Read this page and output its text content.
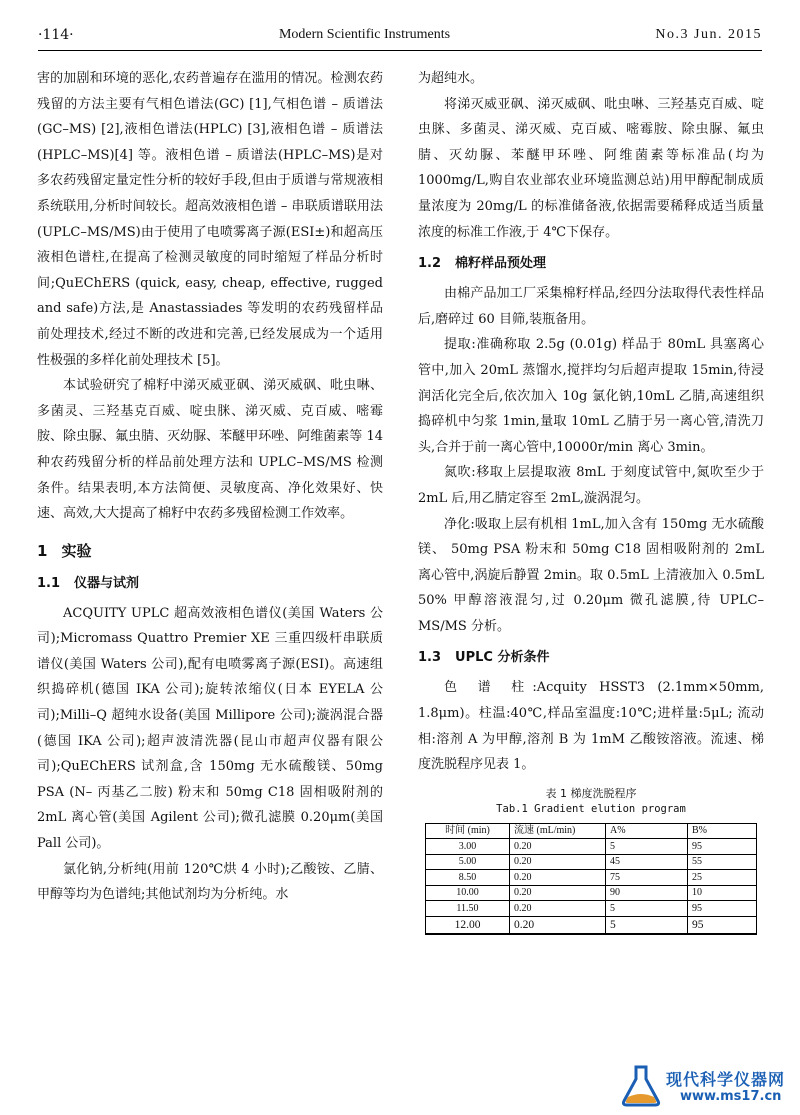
·114·	Modern Scientific Instruments	No.3 Jun. 2015

害的加剧和环境的恶化,农药普遍存在滥用的情况。检测农药残留的方法主要有气相色谱法(GC) [1],气相色谱 – 质谱法(GC–MS) [2],液相色谱法(HPLC) [3],液相色谱 – 质谱法(HPLC–MS)[4] 等。液相色谱 – 质谱法(HPLC–MS)是对多农药残留定量定性分析的较好手段,但由于质谱与常规液相系统联用,分析时间较长。超高效液相色谱 – 串联质谱联用法(UPLC–MS/MS)由于使用了电喷雾离子源(ESI±)和超高压液相色谱柱,在提高了检测灵敏度的同时缩短了样品分析时间;QuEChERS (quick, easy, cheap, effective, rugged and safe)方法,是 Anastassiades 等发明的农药残留样品前处理技术,经过不断的改进和完善,已经发展成为一个适用性极强的多样化前处理技术 [5]。

本试验研究了棉籽中涕灭威亚砜、涕灭威砜、吡虫啉、多菌灵、三羟基克百威、啶虫脒、涕灭威、克百威、嘧霉胺、除虫脲、氟虫腈、灭幼脲、苯醚甲环唑、阿维菌素等 14 种农药残留分析的样品前处理方法和 UPLC–MS/MS 检测条件。结果表明,本方法简便、灵敏度高、净化效果好、快速、高效,大大提高了棉籽中农药多残留检测工作效率。

1 实验
1.1 仪器与试剂

ACQUITY UPLC 超高效液相色谱仪(美国 Waters 公司);Micromass Quattro Premier XE 三重四级杆串联质谱仪(美国 Waters 公司),配有电喷雾离子源(ESI)。高速组织捣碎机(德国 IKA 公司);旋转浓缩仪(日本 EYELA 公司);Milli–Q 超纯水设备(美国 Millipore 公司);漩涡混合器(德国 IKA 公司);超声波清洗器(昆山市超声仪器有限公司);QuEChERS 试剂盒,含 150mg 无水硫酸镁、50mg PSA (N– 丙基乙二胺) 粉末和 50mg C18 固相吸附剂的 2mL 离心管(美国 Agilent 公司);微孔滤膜 0.20μm(美国 Pall 公司)。

氯化钠,分析纯(用前 120℃烘 4 小时);乙酸铵、乙腈、甲醇等均为色谱纯;其他试剂均为分析纯。水

为超纯水。

将涕灭威亚砜、涕灭威砜、吡虫啉、三羟基克百威、啶虫脒、多菌灵、涕灭威、克百威、嘧霉胺、除虫脲、氟虫腈、灭幼脲、苯醚甲环唑、阿维菌素等标准品(均为 1000mg/L,购自农业部农业环境监测总站)用甲醇配制成质量浓度为 20mg/L 的标准储备液,依据需要稀释成适当质量浓度的标准工作液,于 4℃下保存。

1.2 棉籽样品预处理

由棉产品加工厂采集棉籽样品,经四分法取得代表性样品后,磨碎过 60 目筛,装瓶备用。

提取:准确称取 2.5g (0.01g) 样品于 80mL 具塞离心管中,加入 20mL 蒸馏水,搅拌均匀后超声提取 15min,待浸润活化完全后,依次加入 10g 氯化钠,10mL 乙腈,高速组织捣碎机中匀浆 1min,量取 10mL 乙腈于另一离心管,清洗刀头,合并于前一离心管中,10000r/min 离心 3min。

氮吹:移取上层提取液 8mL 于刻度试管中,氮吹至少于 2mL 后,用乙腈定容至 2mL,漩涡混匀。

净化:吸取上层有机相 1mL,加入含有 150mg 无水硫酸镁、 50mg PSA 粉末和 50mg C18 固相吸附剂的 2mL 离心管中,涡旋后静置 2min。取 0.5mL 上清液加入 0.5mL 50% 甲醇溶液混匀,过 0.20μm 微孔滤膜,待 UPLC–MS/MS 分析。

1.3 UPLC 分析条件

色 谱 柱:Acquity HSST3 (2.1mm×50mm, 1.8μm)。柱温:40℃,样品室温度:10℃;进样量:5μL; 流动相:溶剂 A 为甲醇,溶剂 B 为 1mM 乙酸铵溶液。流速、梯度洗脱程序见表 1。

表 1 梯度洗脱程序
Tab.1 Gradient elution program
时间 (min)	流速 (mL/min)	A%	B%
3.00	0.20	5	95
5.00	0.20	45	55
8.50	0.20	75	25
10.00	0.20	90	10
11.50	0.20	5	95
12.00	0.20	5	95
现代科学仪器网
www.ms17.cn
